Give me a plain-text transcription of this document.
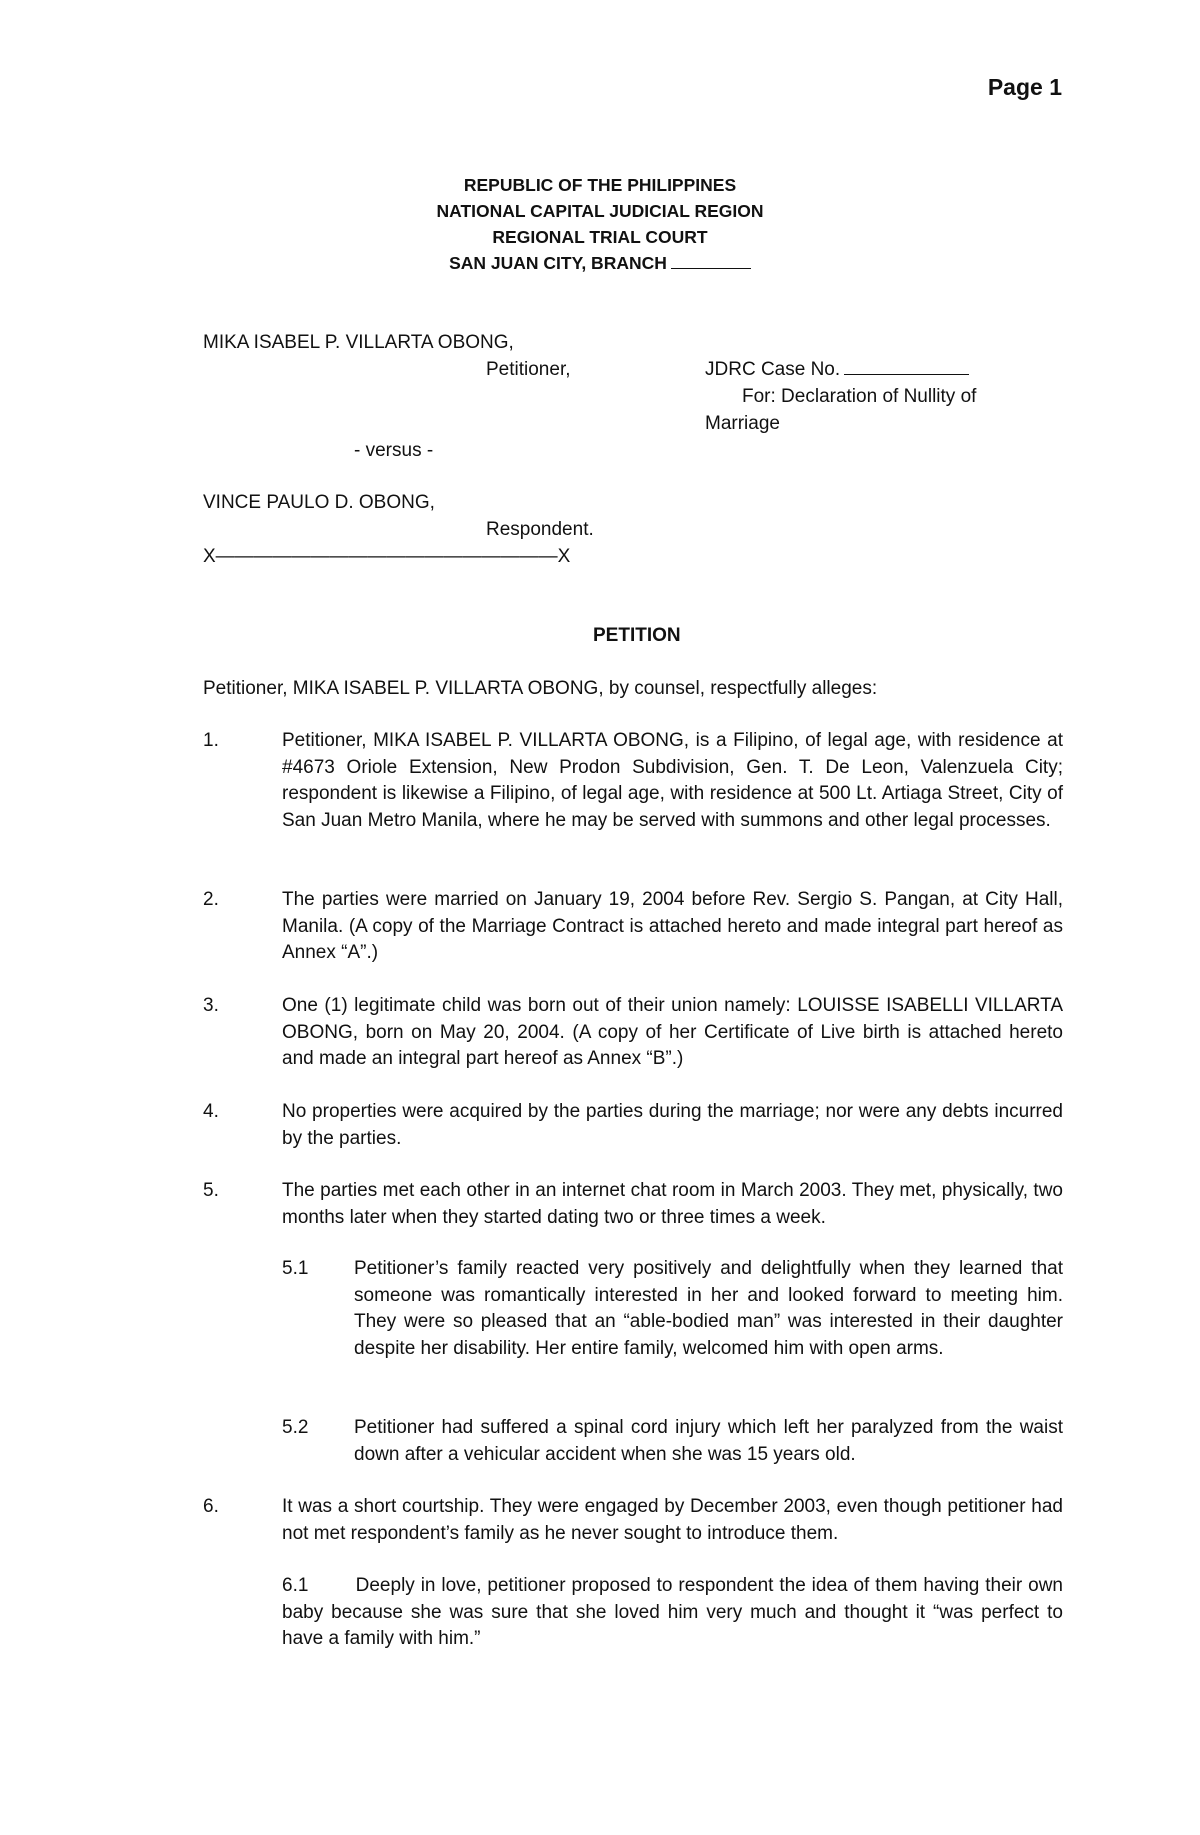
Page 1
REPUBLIC OF THE PHILIPPINES
NATIONAL CAPITAL JUDICIAL REGION
REGIONAL TRIAL COURT
SAN JUAN CITY, BRANCH
MIKA ISABEL P. VILLARTA OBONG,
Petitioner,	JDRC Case No.
For: Declaration of Nullity of
Marriage
- versus -
VINCE PAULO D. OBONG,
Respondent.
X——————————————————X
PETITION
Petitioner, MIKA ISABEL P. VILLARTA OBONG, by counsel, respectfully alleges:
1.	Petitioner, MIKA ISABEL P. VILLARTA OBONG, is a Filipino, of legal age, with residence at #4673 Oriole Extension, New Prodon Subdivision, Gen. T. De Leon, Valenzuela City; respondent is likewise a Filipino, of legal age, with residence at 500 Lt. Artiaga Street, City of San Juan Metro Manila, where he may be served with summons and other legal processes.
2.	The parties were married on January 19, 2004 before Rev. Sergio S. Pangan, at City Hall, Manila. (A copy of the Marriage Contract is attached hereto and made integral part hereof as Annex “A”.)
3.	One (1) legitimate child was born out of their union namely: LOUISSE ISABELLI VILLARTA OBONG, born on May 20, 2004. (A copy of her Certificate of Live birth is attached hereto and made an integral part hereof as Annex “B”.)
4.	No properties were acquired by the parties during the marriage; nor were any debts incurred by the parties.
5.	The parties met each other in an internet chat room in March 2003. They met, physically, two months later when they started dating two or three times a week.
5.1 Petitioner’s family reacted very positively and delightfully when they learned that someone was romantically interested in her and looked forward to meeting him. They were so pleased that an “able-bodied man” was interested in their daughter despite her disability. Her entire family, welcomed him with open arms.
5.2 Petitioner had suffered a spinal cord injury which left her paralyzed from the waist down after a vehicular accident when she was 15 years old.
6.	It was a short courtship. They were engaged by December 2003, even though petitioner had not met respondent’s family as he never sought to introduce them.
6.1        Deeply in love, petitioner proposed to respondent the idea of them having their own baby because she was sure that she loved him very much and thought it “was perfect to have a family with him.”
